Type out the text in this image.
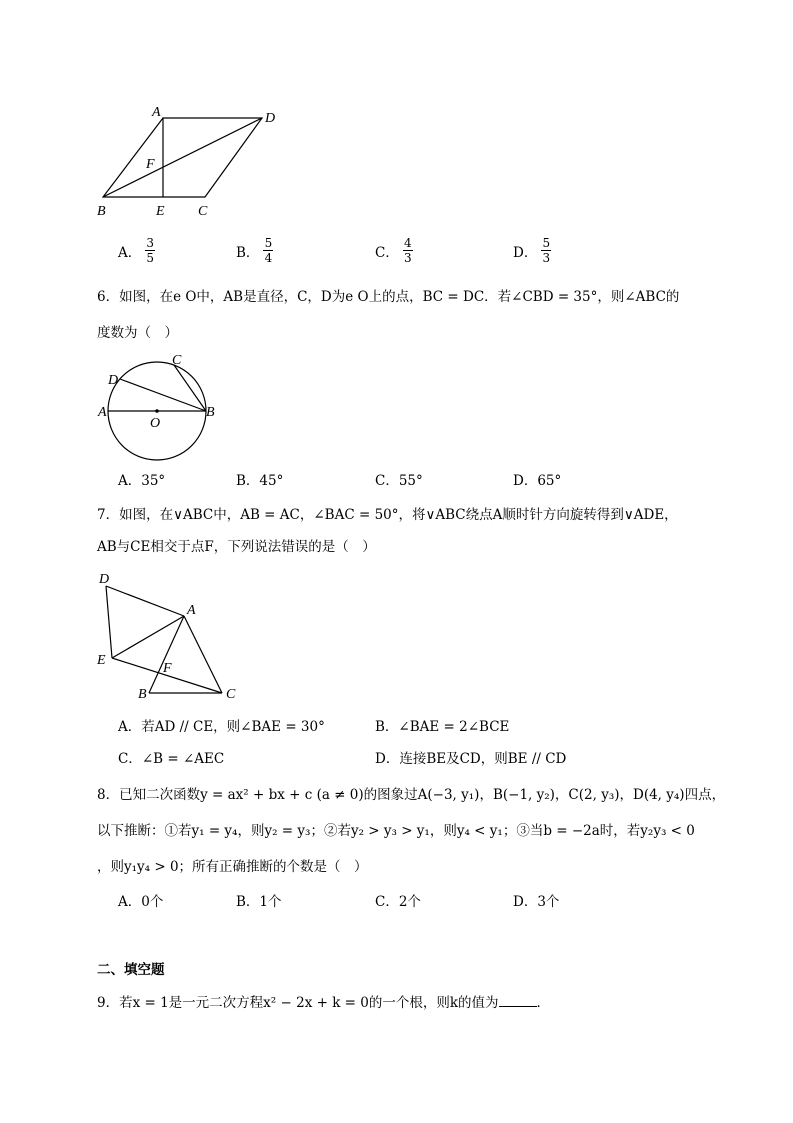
A	D
F
B	E C
A． $\frac{3}{5}$	B． $\frac{5}{4}$	C． $\frac{4}{3}$	D． $\frac{5}{3}$
6．如图，在e O中，AB是直径，C，D为e O上的点，BC = DC．若∠CBD = 35°，则∠ABC的
度数为（　）
A	B
C
D
O
A．35°	B．45°	C．55°	D．65°
7．如图，在∨ABC中，AB = AC，∠BAC = 50°，将∨ABC绕点A顺时针方向旋转得到∨ADE，
AB与CE相交于点F，下列说法错误的是（　）
D
A
E
F
B	C
A．若AD // CE，则∠BAE = 30°	B．∠BAE = 2∠BCE
C．∠B = ∠AEC	D．连接BE及CD，则BE // CD
8．已知二次函数y = ax² + bx + c (a ≠ 0)的图象过A(−3, y₁)，B(−1, y₂)，C(2, y₃)，D(4, y₄)四点，
以下推断：①若y₁ = y₄，则y₂ = y₃；②若y₂ > y₃ > y₁，则y₄ < y₁；③当b = −2a时，若y₂y₃ < 0
，则y₁y₄ > 0；所有正确推断的个数是（　）
A．0个	B．1个	C．2个	D．3个
二、填空题
9．若x = 1是一元二次方程x² − 2x + k = 0的一个根，则k的值为	．
